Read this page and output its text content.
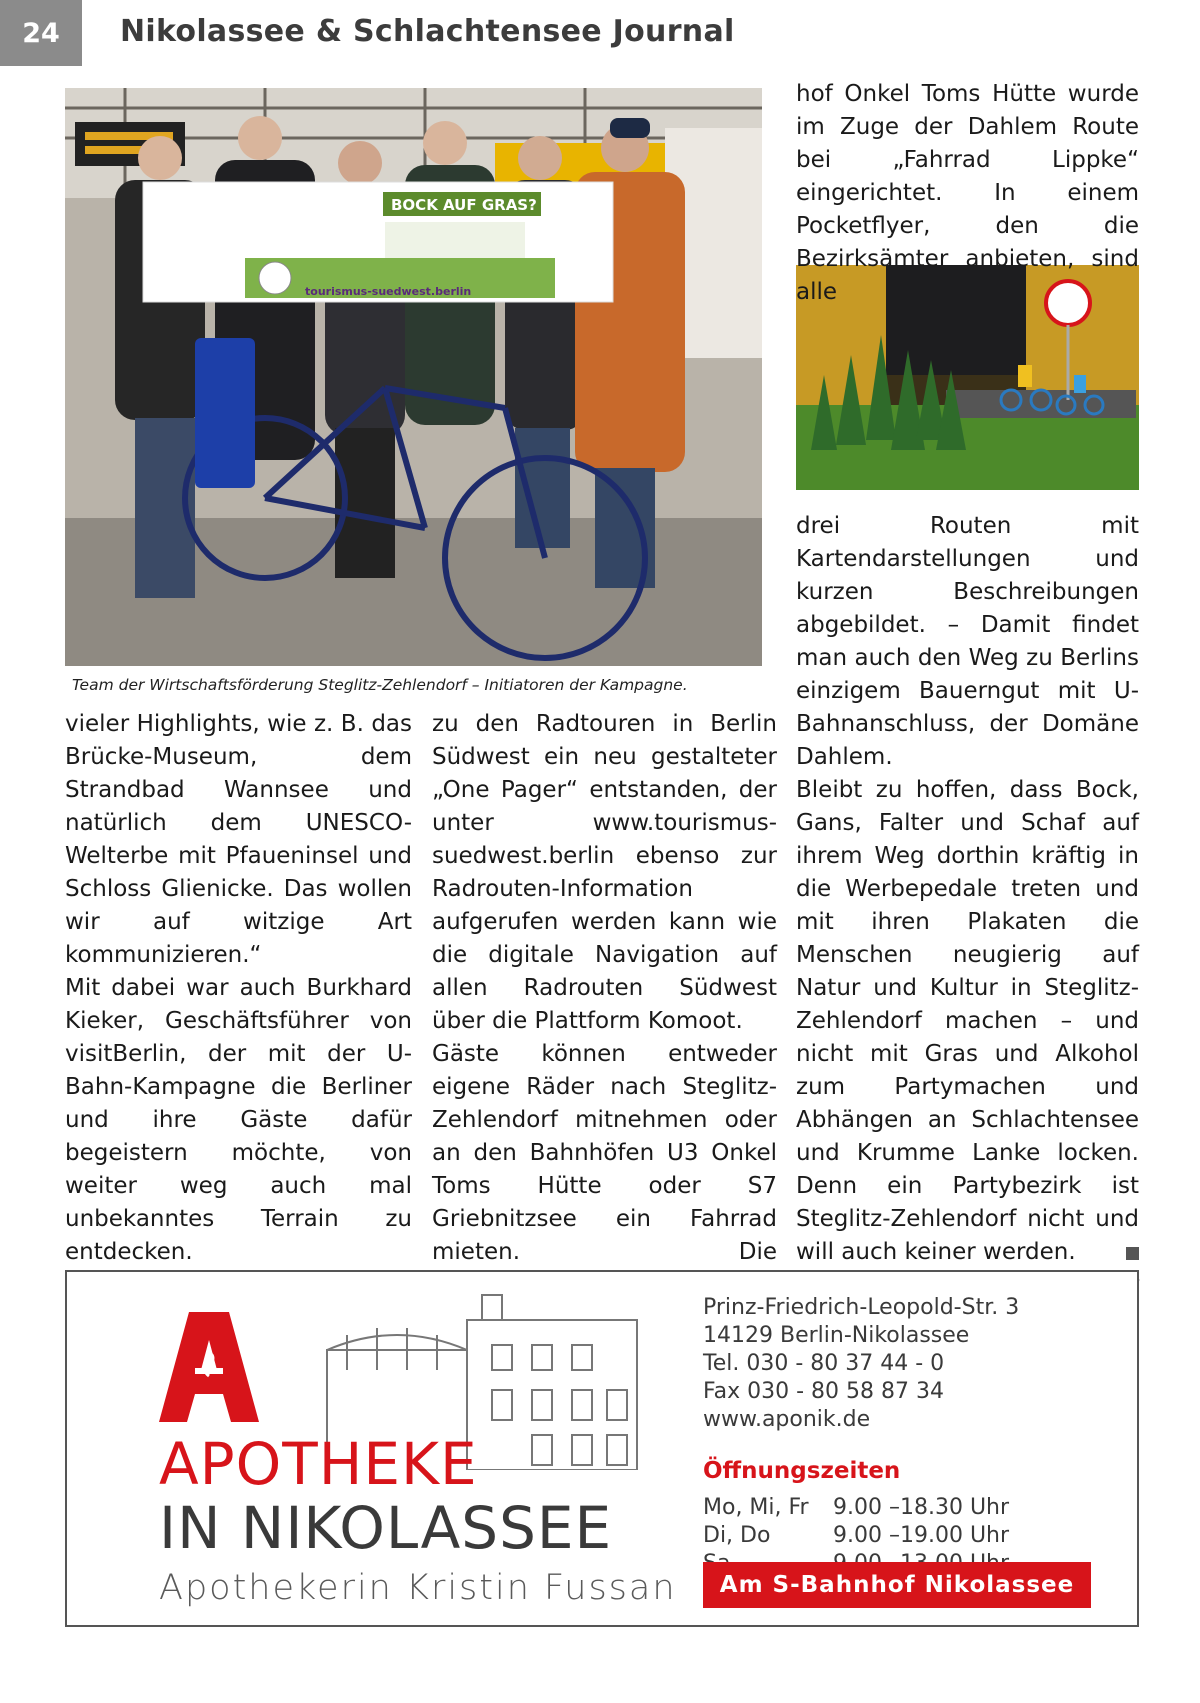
24	Nikolassee & Schlachtensee Journal
BOCK AUF GRAS?
tourismus-suedwest.berlin
Team der Wirtschaftsförderung Steglitz-Zehlendorf – Initiatoren der Kampagne.

hof Onkel Toms Hütte wurde im Zuge der Dahlem Route bei „Fahrrad Lippke“ eingerichtet. In einem Pocketflyer, den die Bezirksämter anbieten, sind alle

vieler Highlights, wie z. B. das Brücke-Museum, dem Strandbad Wannsee und natürlich dem UNESCO-Welterbe mit Pfaueninsel und Schloss Glienicke. Das wollen wir auf witzige Art kommunizieren.“

Mit dabei war auch Burkhard Kieker, Geschäftsführer von visitBerlin, der mit der U-Bahn-Kampagne die Berliner und ihre Gäste dafür begeistern möchte, von weiter weg auch mal unbekanntes Terrain zu entdecken.

zu den Radtouren in Berlin Südwest ein neu gestalteter „One Pager“ entstanden, der unter www.tourismus-suedwest.berlin ebenso zur Radrouten-Information aufgerufen werden kann wie die digitale Navigation auf allen Radrouten Südwest über die Plattform Komoot.

Gäste können entweder eigene Räder nach Steglitz-Zehlendorf mitnehmen oder an den Bahnhöfen U3 Onkel Toms Hütte oder S7 Griebnitzsee ein Fahrrad mieten. Die

drei Routen mit Kartendarstellungen und kurzen Beschreibungen abgebildet. – Damit findet man auch den Weg zu Berlins einzigem Bauerngut mit U-Bahnanschluss, der Domäne Dahlem.

Bleibt zu hoffen, dass Bock, Gans, Falter und Schaf auf ihrem Weg dorthin kräftig in die Werbepedale treten und mit ihren Plakaten die Menschen neugierig auf Natur und Kultur in Steglitz-Zehlendorf machen – und nicht mit Gras und Alkohol zum Partymachen und Abhängen an Schlachtensee und Krumme Lanke locken. Denn ein Partybezirk ist Steglitz-Zehlendorf nicht und will auch keiner werden.

APOTHEKE
IN NIKOLASSEE
Apothekerin Kristin Fussan
Prinz-Friedrich-Leopold-Str. 3
14129 Berlin-Nikolassee
Tel. 030 - 80 37 44 - 0
Fax 030 - 80 58 87 34
www.aponik.de
Öffnungszeiten
Mo, Mi, Fr	9.00 –18.30 Uhr
Di, Do	9.00 –19.00 Uhr
Am S-Bahnhof Nikolassee
